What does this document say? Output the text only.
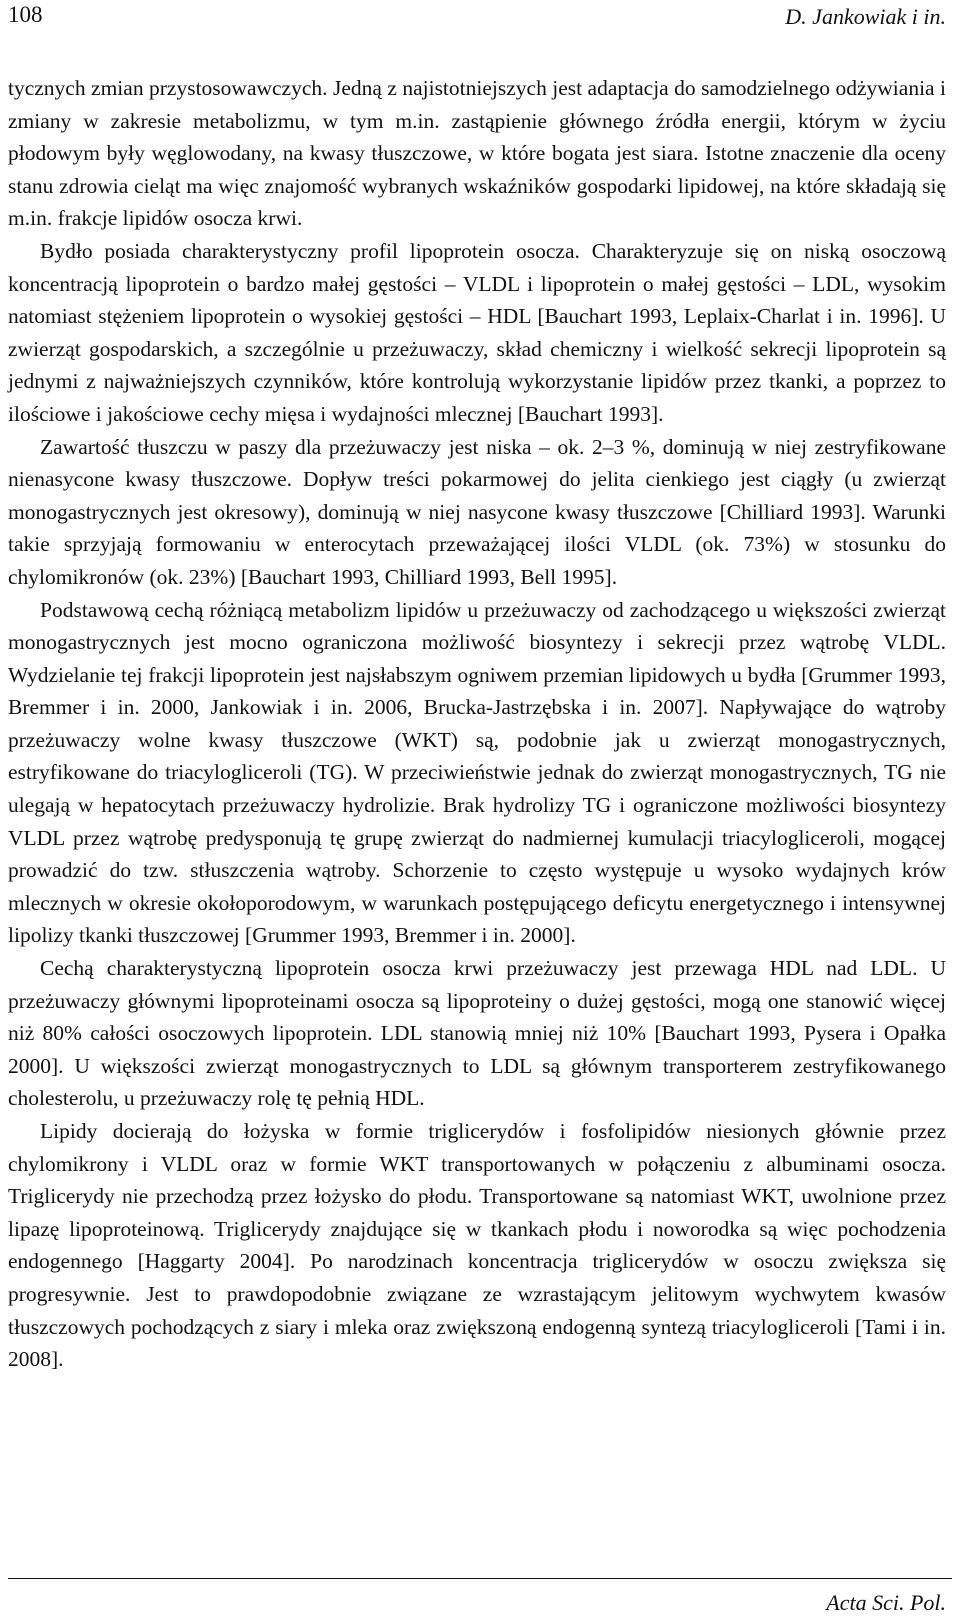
108	D. Jankowiak i in.

tycznych zmian przystosowawczych. Jedną z najistotniejszych jest adaptacja do samodzielnego odżywiania i zmiany w zakresie metabolizmu, w tym m.in. zastąpienie głównego źródła energii, którym w życiu płodowym były węglowodany, na kwasy tłuszczowe, w które bogata jest siara. Istotne znaczenie dla oceny stanu zdrowia cieląt ma więc znajomość wybranych wskaźników gospodarki lipidowej, na które składają się m.in. frakcje lipidów osocza krwi.

Bydło posiada charakterystyczny profil lipoprotein osocza. Charakteryzuje się on niską osoczową koncentracją lipoprotein o bardzo małej gęstości – VLDL i lipoprotein o małej gęstości – LDL, wysokim natomiast stężeniem lipoprotein o wysokiej gęstości – HDL [Bauchart 1993, Leplaix-Charlat i in. 1996]. U zwierząt gospodarskich, a szczególnie u przeżuwaczy, skład chemiczny i wielkość sekrecji lipoprotein są jednymi z najważniejszych czynników, które kontrolują wykorzystanie lipidów przez tkanki, a poprzez to ilościowe i jakościowe cechy mięsa i wydajności mlecznej [Bauchart 1993].

Zawartość tłuszczu w paszy dla przeżuwaczy jest niska – ok. 2–3 %, dominują w niej zestryfikowane nienasycone kwasy tłuszczowe. Dopływ treści pokarmowej do jelita cienkiego jest ciągły (u zwierząt monogastrycznych jest okresowy), dominują w niej nasycone kwasy tłuszczowe [Chilliard 1993]. Warunki takie sprzyjają formowaniu w enterocytach przeważającej ilości VLDL (ok. 73%) w stosunku do chylomikronów (ok. 23%) [Bauchart 1993, Chilliard 1993, Bell 1995].

Podstawową cechą różniącą metabolizm lipidów u przeżuwaczy od zachodzącego u większości zwierząt monogastrycznych jest mocno ograniczona możliwość biosyntezy i sekrecji przez wątrobę VLDL. Wydzielanie tej frakcji lipoprotein jest najsłabszym ogniwem przemian lipidowych u bydła [Grummer 1993, Bremmer i in. 2000, Jankowiak i in. 2006, Brucka-Jastrzębska i in. 2007]. Napływające do wątroby przeżuwaczy wolne kwasy tłuszczowe (WKT) są, podobnie jak u zwierząt monogastrycznych, estryfikowane do triacylogliceroli (TG). W przeciwieństwie jednak do zwierząt monogastrycznych, TG nie ulegają w hepatocytach przeżuwaczy hydrolizie. Brak hydrolizy TG i ograniczone możliwości biosyntezy VLDL przez wątrobę predysponują tę grupę zwierząt do nadmiernej kumulacji triacylogliceroli, mogącej prowadzić do tzw. stłuszczenia wątroby. Schorzenie to często występuje u wysoko wydajnych krów mlecznych w okresie okołoporodowym, w warunkach postępującego deficytu energetycznego i intensywnej lipolizy tkanki tłuszczowej [Grummer 1993, Bremmer i in. 2000].

Cechą charakterystyczną lipoprotein osocza krwi przeżuwaczy jest przewaga HDL nad LDL. U przeżuwaczy głównymi lipoproteinami osocza są lipoproteiny o dużej gęstości, mogą one stanowić więcej niż 80% całości osoczowych lipoprotein. LDL stanowią mniej niż 10% [Bauchart 1993, Pysera i Opałka 2000]. U większości zwierząt monogastrycznych to LDL są głównym transporterem zestryfikowanego cholesterolu, u przeżuwaczy rolę tę pełnią HDL.

Lipidy docierają do łożyska w formie triglicerydów i fosfolipidów niesionych głównie przez chylomikrony i VLDL oraz w formie WKT transportowanych w połączeniu z albuminami osocza. Triglicerydy nie przechodzą przez łożysko do płodu. Transportowane są natomiast WKT, uwolnione przez lipazę lipoproteinową. Triglicerydy znajdujące się w tkankach płodu i noworodka są więc pochodzenia endogennego [Haggarty 2004]. Po narodzinach koncentracja triglicerydów w osoczu zwiększa się progresywnie. Jest to prawdopodobnie związane ze wzrastającym jelitowym wychwytem kwasów tłuszczowych pochodzących z siary i mleka oraz zwiększoną endogenną syntezą triacylogliceroli [Tami i in. 2008].

Acta Sci. Pol.
